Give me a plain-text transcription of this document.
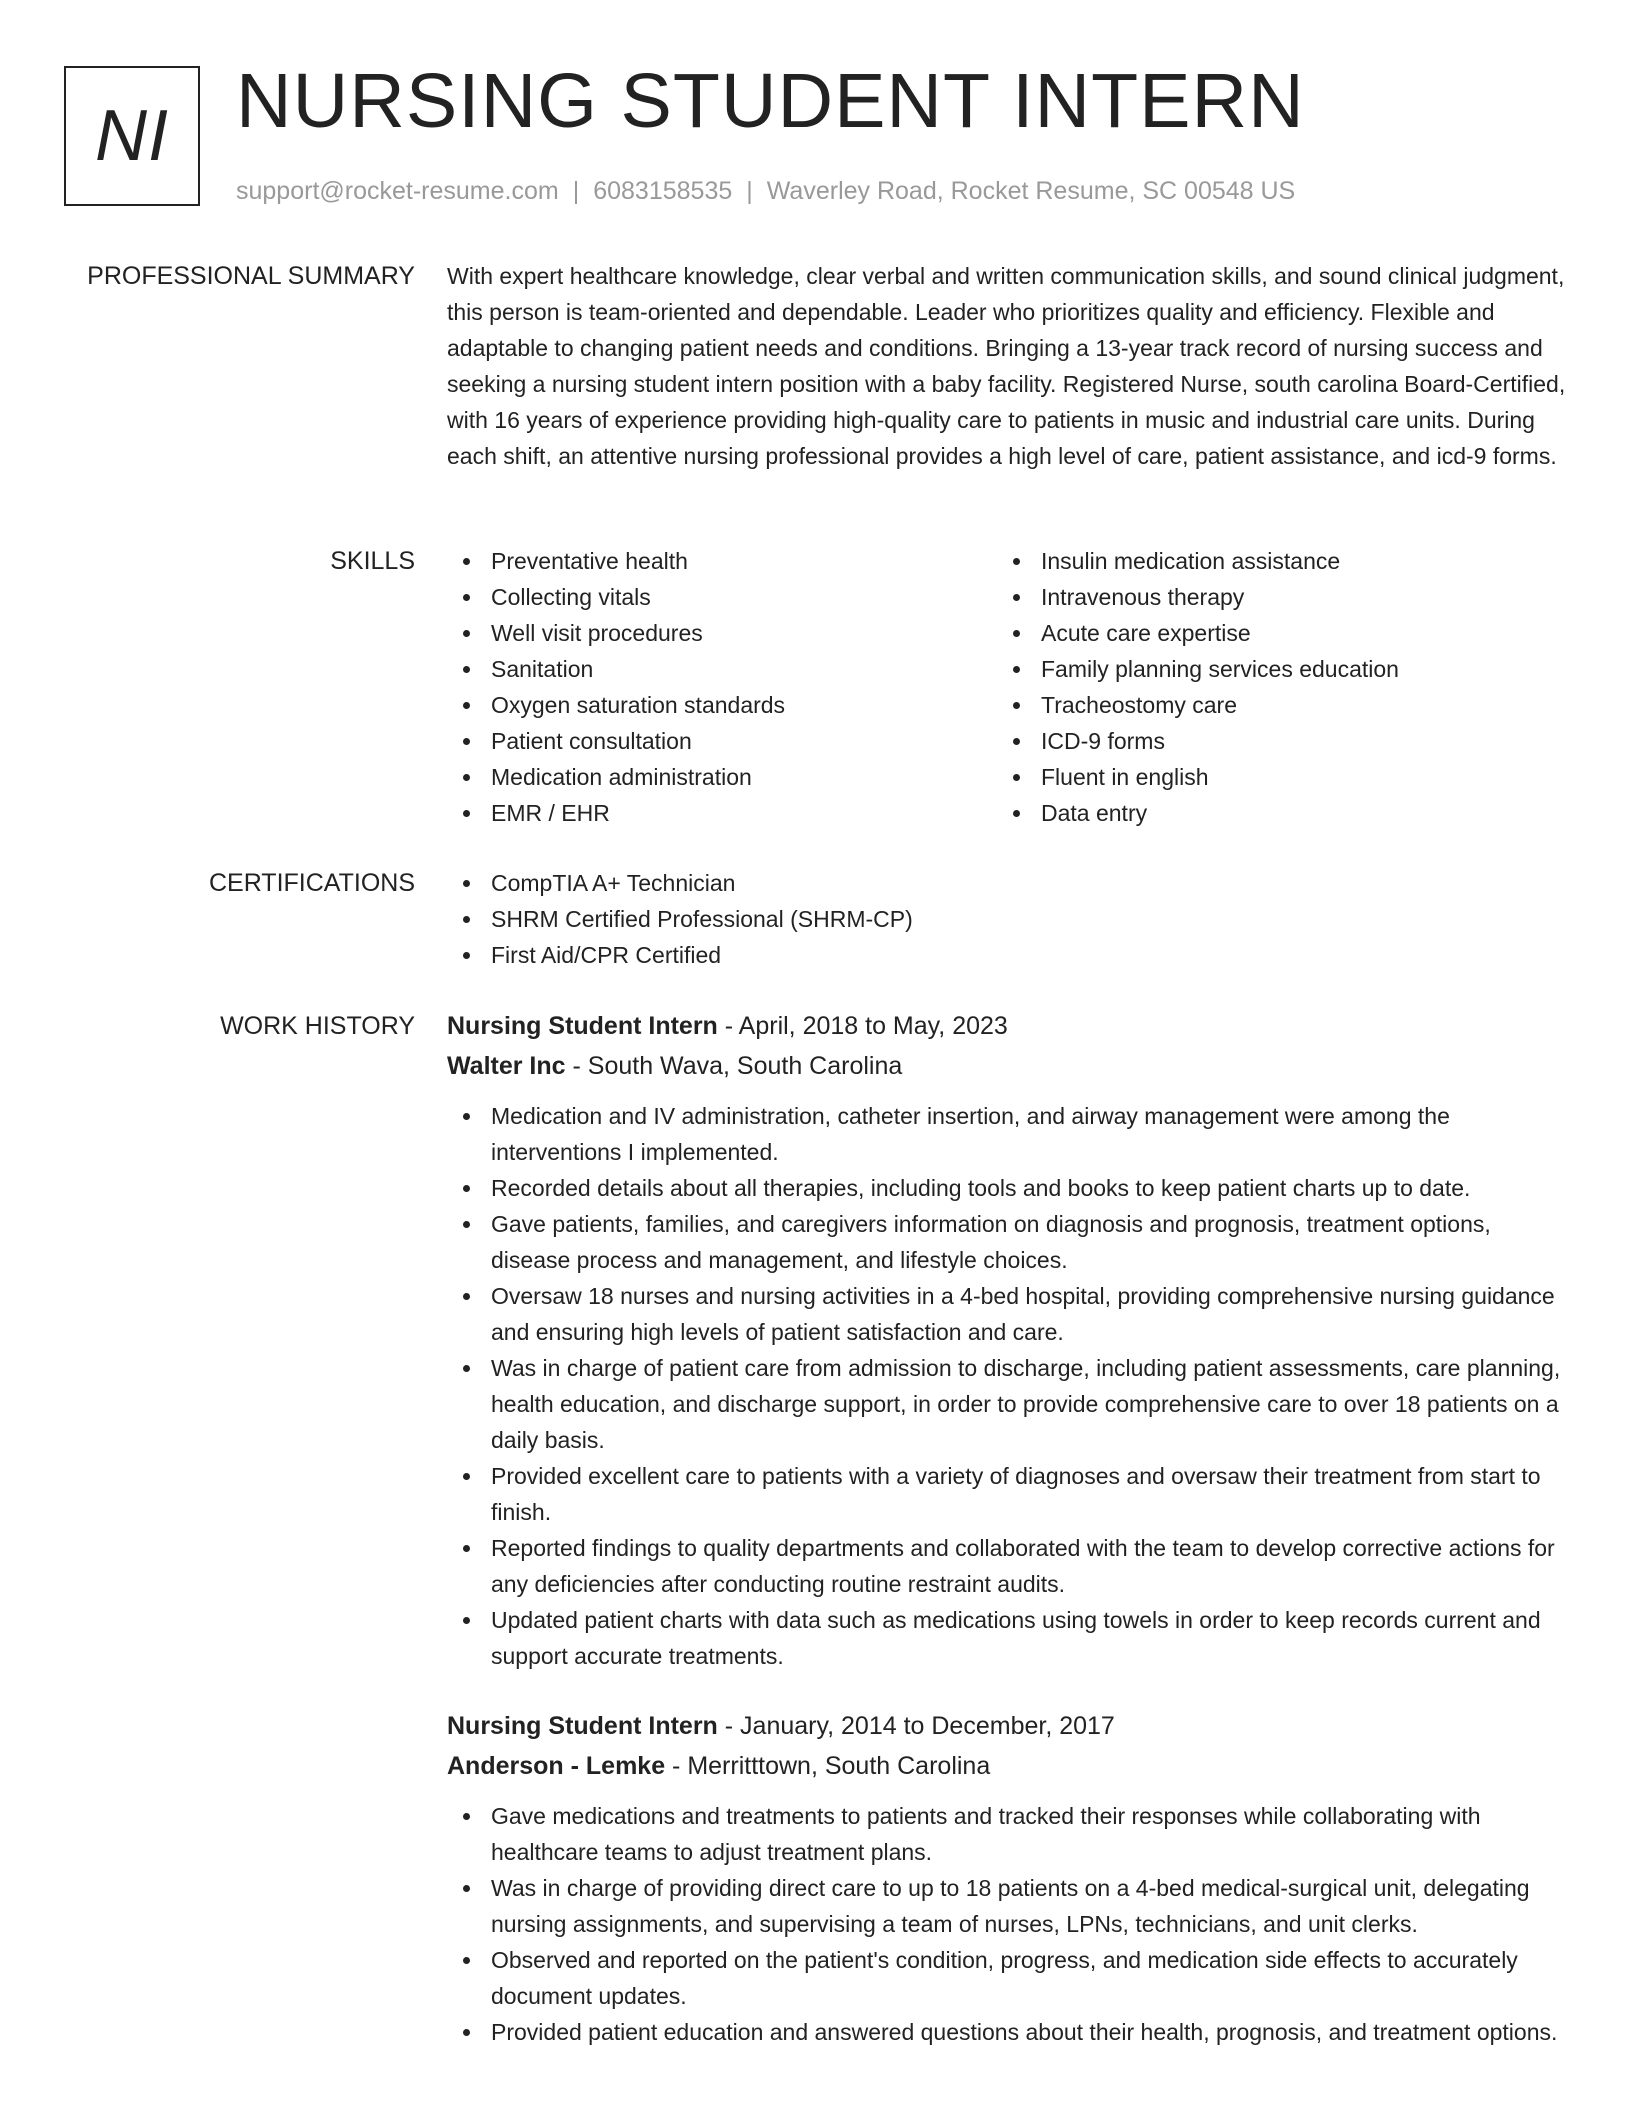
NI NURSING STUDENT INTERN
support@rocket-resume.com | 6083158535 | Waverley Road, Rocket Resume, SC 00548 US
PROFESSIONAL SUMMARY With expert healthcare knowledge, clear verbal and written communication skills, and sound clinical judgment, this person is team-oriented and dependable. Leader who prioritizes quality and efficiency. Flexible and adaptable to changing patient needs and conditions. Bringing a 13-year track record of nursing success and seeking a nursing student intern position with a baby facility. Registered Nurse, south carolina Board-Certified, with 16 years of experience providing high-quality care to patients in music and industrial care units. During each shift, an attentive nursing professional provides a high level of care, patient assistance, and icd-9 forms.

SKILLS	Preventative health
Collecting vitals
Well visit procedures
Sanitation
Oxygen saturation standards
Patient consultation
Medication administration
EMR / EHR
Insulin medication assistance
Intravenous therapy
Acute care expertise
Family planning services education
Tracheostomy care
ICD-9 forms
Fluent in english
Data entry
CERTIFICATIONS	CompTIA A+ Technician
SHRM Certified Professional (SHRM-CP)
First Aid/CPR Certified
WORK HISTORY Nursing Student Intern - April, 2018 to May, 2023
Walter Inc - South Wava, South Carolina
Medication and IV administration, catheter insertion, and airway management were among the interventions I implemented.
Recorded details about all therapies, including tools and books to keep patient charts up to date.
Gave patients, families, and caregivers information on diagnosis and prognosis, treatment options, disease process and management, and lifestyle choices.
Oversaw 18 nurses and nursing activities in a 4-bed hospital, providing comprehensive nursing guidance and ensuring high levels of patient satisfaction and care.
Was in charge of patient care from admission to discharge, including patient assessments, care planning, health education, and discharge support, in order to provide comprehensive care to over 18 patients on a daily basis.
Provided excellent care to patients with a variety of diagnoses and oversaw their treatment from start to finish.
Reported findings to quality departments and collaborated with the team to develop corrective actions for any deficiencies after conducting routine restraint audits.
Updated patient charts with data such as medications using towels in order to keep records current and support accurate treatments.
Nursing Student Intern - January, 2014 to December, 2017
Anderson - Lemke - Merritttown, South Carolina
Gave medications and treatments to patients and tracked their responses while collaborating with healthcare teams to adjust treatment plans.
Was in charge of providing direct care to up to 18 patients on a 4-bed medical-surgical unit, delegating nursing assignments, and supervising a team of nurses, LPNs, technicians, and unit clerks.
Observed and reported on the patient's condition, progress, and medication side effects to accurately document updates.
Provided patient education and answered questions about their health, prognosis, and treatment options.
